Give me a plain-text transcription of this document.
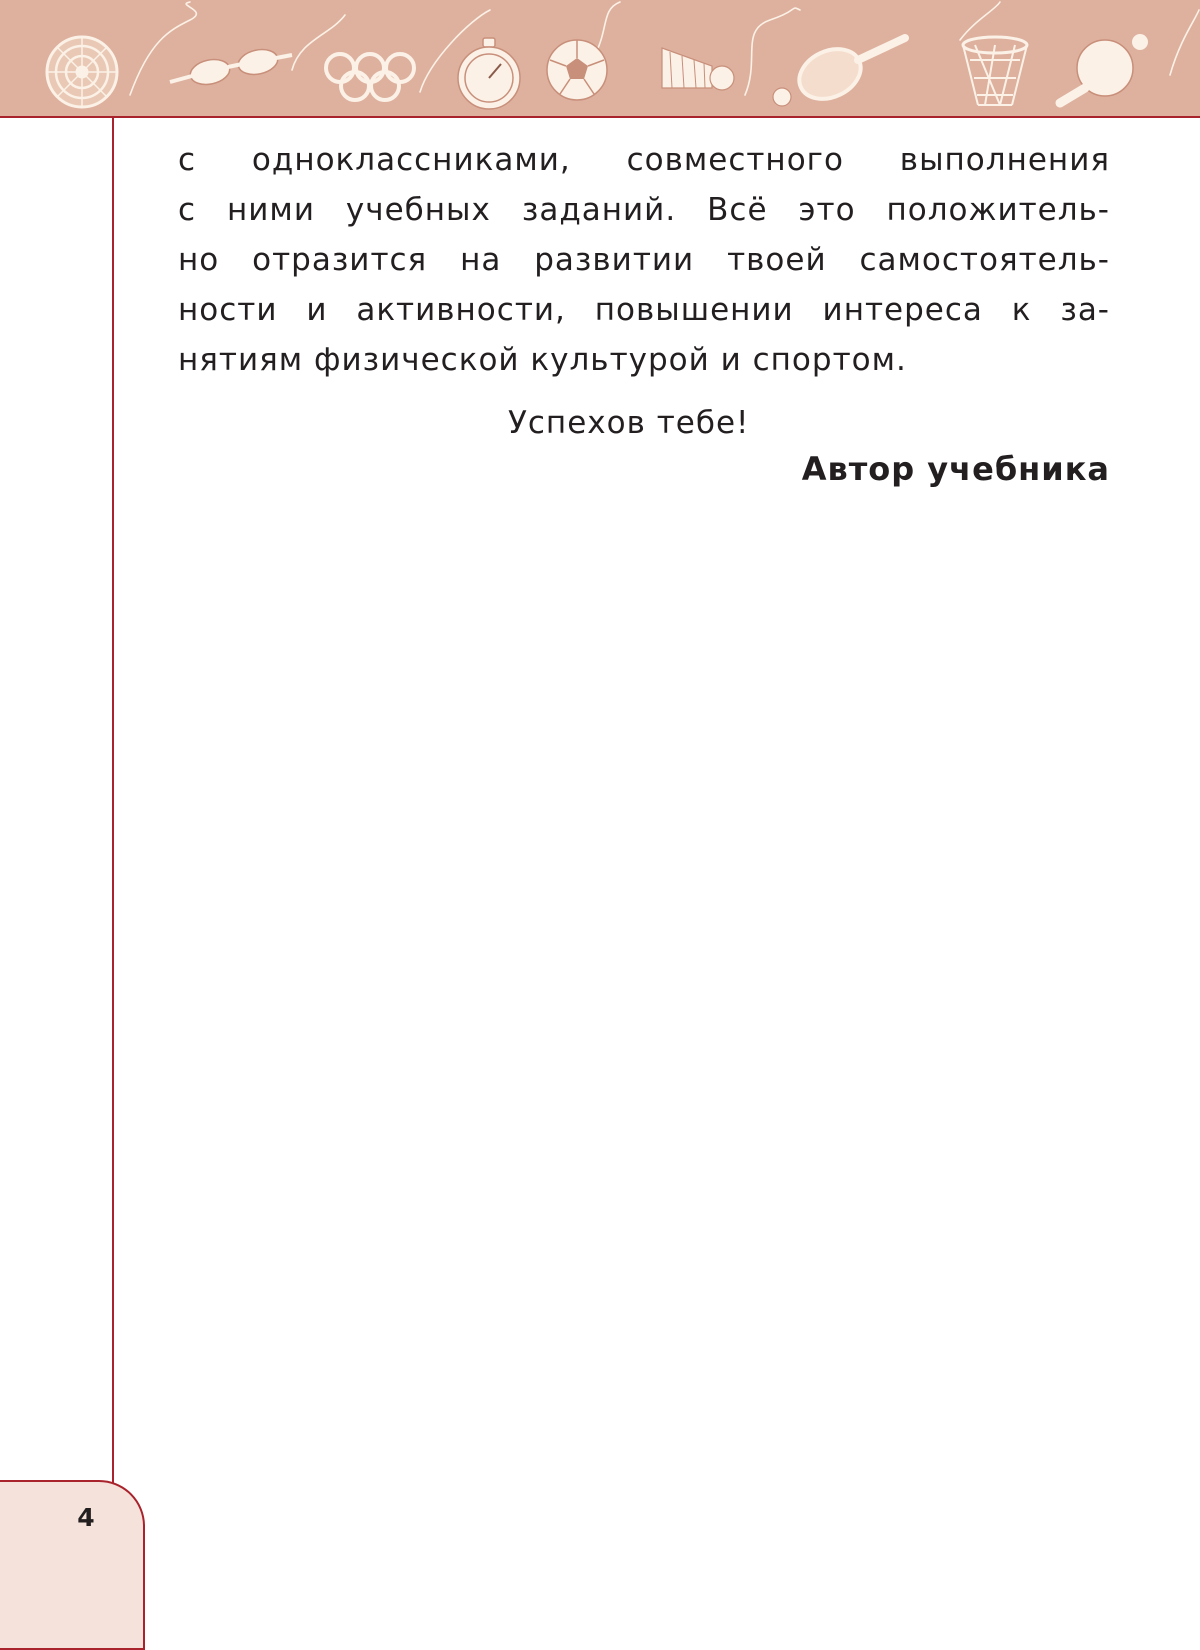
с одноклассниками, совместного выполнения
с ними учебных заданий. Всё это положитель-
но отразится на развитии твоей самостоятель-
ности и активности, повышении интереса к за-
нятиям физической культурой и спортом.
Успехов тебе!
Автор учебника
4
